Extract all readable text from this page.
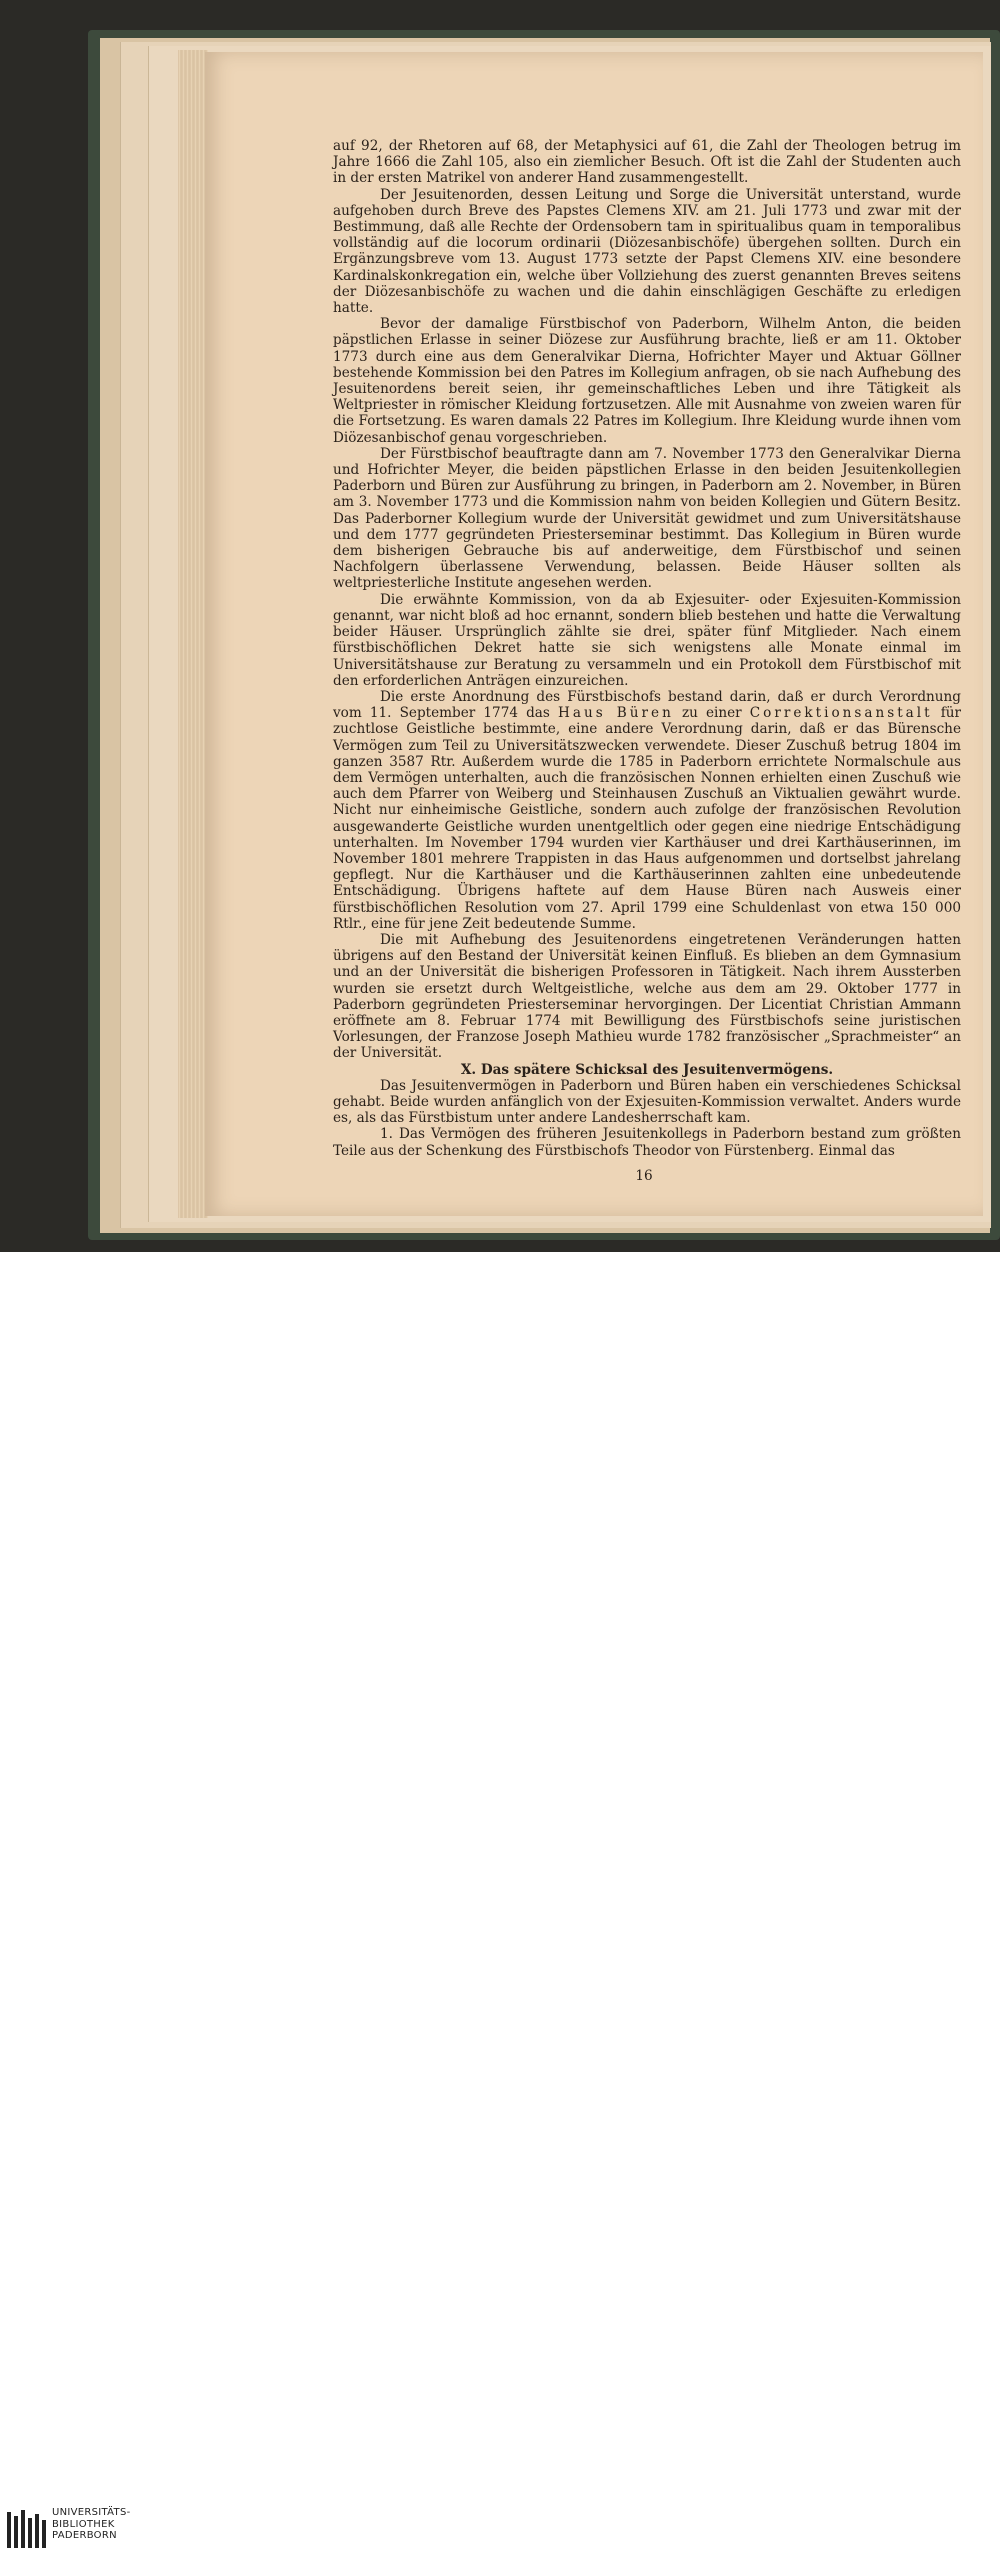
auf 92, der Rhetoren auf 68, der Metaphysici auf 61, die Zahl der Theologen betrug im Jahre 1666 die Zahl 105, also ein ziemlicher Besuch. Oft ist die Zahl der Studenten auch in der ersten Matrikel von anderer Hand zusammengestellt.

Der Jesuitenorden, dessen Leitung und Sorge die Universität unterstand, wurde aufgehoben durch Breve des Papstes Clemens XIV. am 21. Juli 1773 und zwar mit der Bestimmung, daß alle Rechte der Ordensobern tam in spiritualibus quam in temporalibus vollständig auf die locorum ordinarii (Diözesanbischöfe) übergehen sollten. Durch ein Ergänzungsbreve vom 13. August 1773 setzte der Papst Clemens XIV. eine besondere Kardinalskonkregation ein, welche über Vollziehung des zuerst genannten Breves seitens der Diözesanbischöfe zu wachen und die dahin einschlägigen Geschäfte zu erledigen hatte.

Bevor der damalige Fürstbischof von Paderborn, Wilhelm Anton, die beiden päpstlichen Erlasse in seiner Diözese zur Ausführung brachte, ließ er am 11. Oktober 1773 durch eine aus dem Generalvikar Dierna, Hofrichter Mayer und Aktuar Göllner bestehende Kommission bei den Patres im Kollegium anfragen, ob sie nach Aufhebung des Jesuitenordens bereit seien, ihr gemeinschaftliches Leben und ihre Tätigkeit als Weltpriester in römischer Kleidung fortzusetzen. Alle mit Ausnahme von zweien waren für die Fortsetzung. Es waren damals 22 Patres im Kollegium. Ihre Kleidung wurde ihnen vom Diözesanbischof genau vorgeschrieben.

Der Fürstbischof beauftragte dann am 7. November 1773 den Generalvikar Dierna und Hofrichter Meyer, die beiden päpstlichen Erlasse in den beiden Jesuitenkollegien Paderborn und Büren zur Ausführung zu bringen, in Paderborn am 2. November, in Büren am 3. November 1773 und die Kommission nahm von beiden Kollegien und Gütern Besitz. Das Paderborner Kollegium wurde der Universität gewidmet und zum Universitätshause und dem 1777 gegründeten Priesterseminar bestimmt. Das Kollegium in Büren wurde dem bisherigen Gebrauche bis auf anderweitige, dem Fürstbischof und seinen Nachfolgern überlassene Verwendung, belassen. Beide Häuser sollten als weltpriesterliche Institute angesehen werden.

Die erwähnte Kommission, von da ab Exjesuiter- oder Exjesuiten-Kommission genannt, war nicht bloß ad hoc ernannt, sondern blieb bestehen und hatte die Verwaltung beider Häuser. Ursprünglich zählte sie drei, später fünf Mitglieder. Nach einem fürstbischöflichen Dekret hatte sie sich wenigstens alle Monate einmal im Universitätshause zur Beratung zu versammeln und ein Protokoll dem Fürstbischof mit den erforderlichen Anträgen einzureichen.

Die erste Anordnung des Fürstbischofs bestand darin, daß er durch Verordnung vom 11. September 1774 das Haus Büren zu einer Correktionsanstalt für zuchtlose Geistliche bestimmte, eine andere Verordnung darin, daß er das Bürensche Vermögen zum Teil zu Universitätszwecken verwendete. Dieser Zuschuß betrug 1804 im ganzen 3587 Rtr. Außerdem wurde die 1785 in Paderborn errichtete Normalschule aus dem Vermögen unterhalten, auch die französischen Nonnen erhielten einen Zuschuß wie auch dem Pfarrer von Weiberg und Steinhausen Zuschuß an Viktualien gewährt wurde. Nicht nur einheimische Geistliche, sondern auch zufolge der französischen Revolution ausgewanderte Geistliche wurden unentgeltlich oder gegen eine niedrige Entschädigung unterhalten. Im November 1794 wurden vier Karthäuser und drei Karthäuserinnen, im November 1801 mehrere Trappisten in das Haus aufgenommen und dortselbst jahrelang gepflegt. Nur die Karthäuser und die Karthäuserinnen zahlten eine unbedeutende Entschädigung. Übrigens haftete auf dem Hause Büren nach Ausweis einer fürstbischöflichen Resolution vom 27. April 1799 eine Schuldenlast von etwa 150 000 Rtlr., eine für jene Zeit bedeutende Summe.

Die mit Aufhebung des Jesuitenordens eingetretenen Veränderungen hatten übrigens auf den Bestand der Universität keinen Einfluß. Es blieben an dem Gymnasium und an der Universität die bisherigen Professoren in Tätigkeit. Nach ihrem Aussterben wurden sie ersetzt durch Weltgeistliche, welche aus dem am 29. Oktober 1777 in Paderborn gegründeten Priesterseminar hervorgingen. Der Licentiat Christian Ammann eröffnete am 8. Februar 1774 mit Bewilligung des Fürstbischofs seine juristischen Vorlesungen, der Franzose Joseph Mathieu wurde 1782 französischer „Sprachmeister“ an der Universität.

X. Das spätere Schicksal des Jesuitenvermögens.

Das Jesuitenvermögen in Paderborn und Büren haben ein verschiedenes Schicksal gehabt. Beide wurden anfänglich von der Exjesuiten-Kommission verwaltet. Anders wurde es, als das Fürstbistum unter andere Landesherrschaft kam.

1. Das Vermögen des früheren Jesuitenkollegs in Paderborn bestand zum größten Teile aus der Schenkung des Fürstbischofs Theodor von Fürstenberg. Einmal das

16
UNIVERSITÄTS-
BIBLIOTHEK
PADERBORN
